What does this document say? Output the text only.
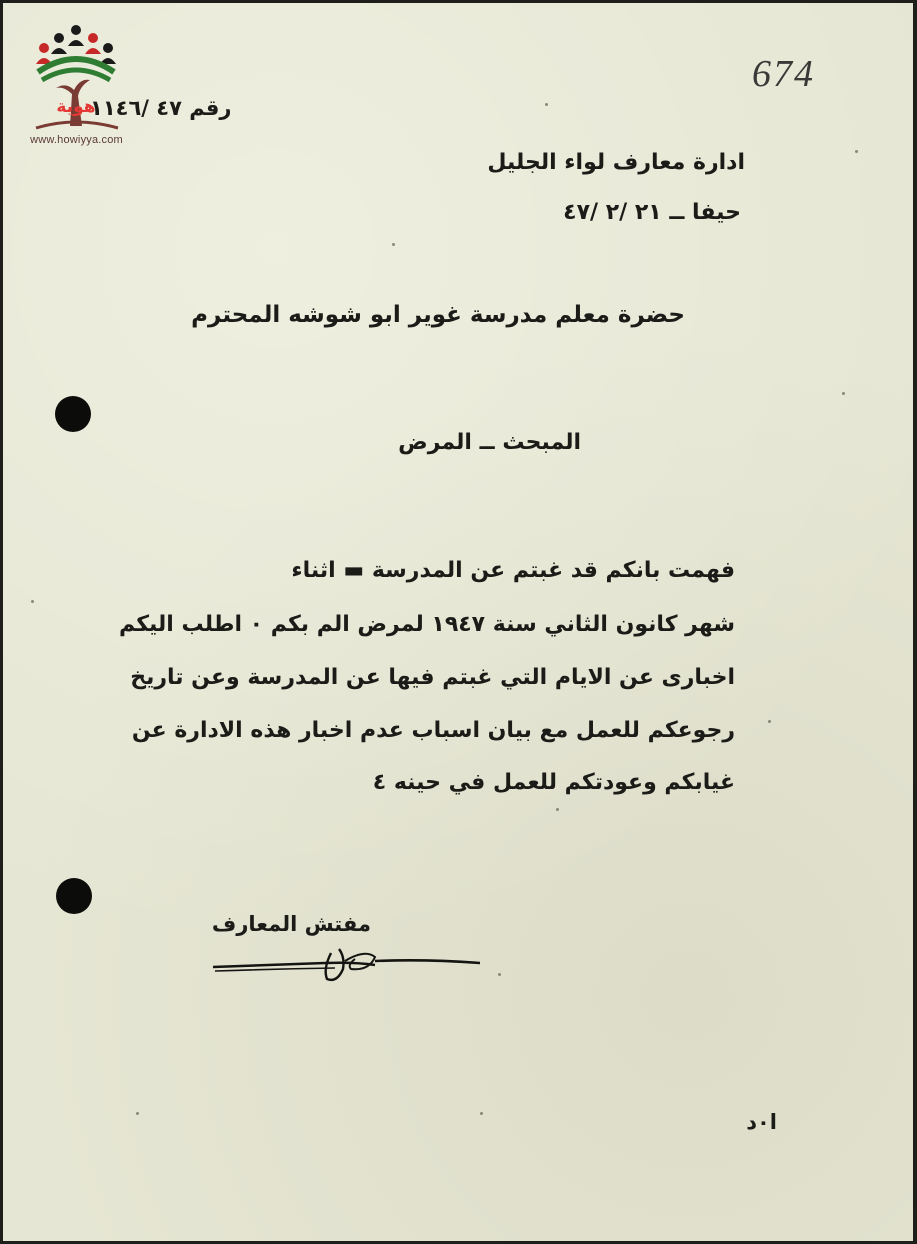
هوية
www.howiyya.com
674
رقم ٤٧ /١١٤٦
ادارة معارف لواء الجليل
حيفا ــ ٢١ /٢ /٤٧
حضرة معلم مدرسة غوير ابو شوشه المحترم
المبحث ــ المرض
فهمت بانكم قد غبتم عن المدرسة ▬ اثناء
شهر كانون الثاني سنة ١٩٤٧ لمرض الم بكم ٠ اطلب اليكم
اخبارى عن الايام التي غبتم فيها عن المدرسة وعن تاريخ
رجوعكم للعمل مع بيان اسباب عدم اخبار هذه الادارة عن
غيابكم وعودتكم للعمل في حينه ٤
مفتش المعارف
ا٠د
